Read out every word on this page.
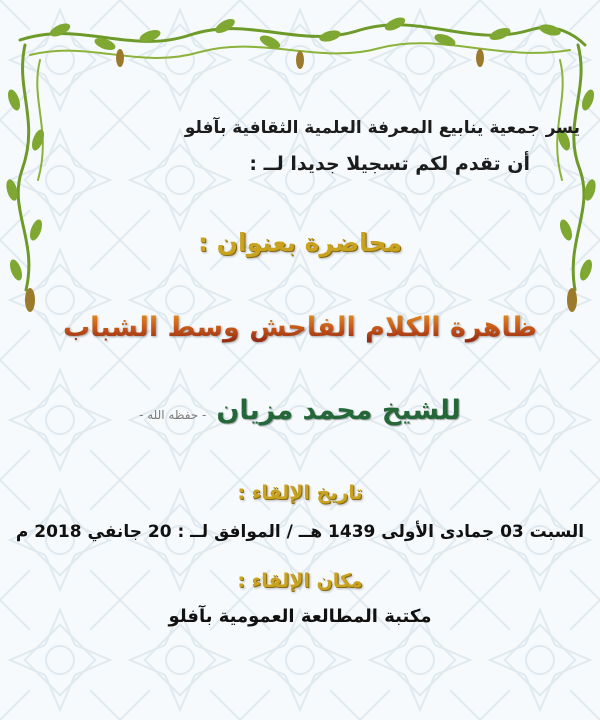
يسر جمعية ينابيع المعرفة العلمية الثقافية بآفلو
أن تقدم لكم تسجيلا جديدا لــ :
محاضرة بعنوان :
ظاهرة الكلام الفاحش وسط الشباب
للشيخ محمد مزيان
- حفظه الله -
تاريخ الإلقاء :
السبت 03 جمادى الأولى 1439 هــ / الموافق لــ : 20 جانفي 2018 م
مكان الإلقاء :
مكتبة المطالعة العمومية بآفلو
